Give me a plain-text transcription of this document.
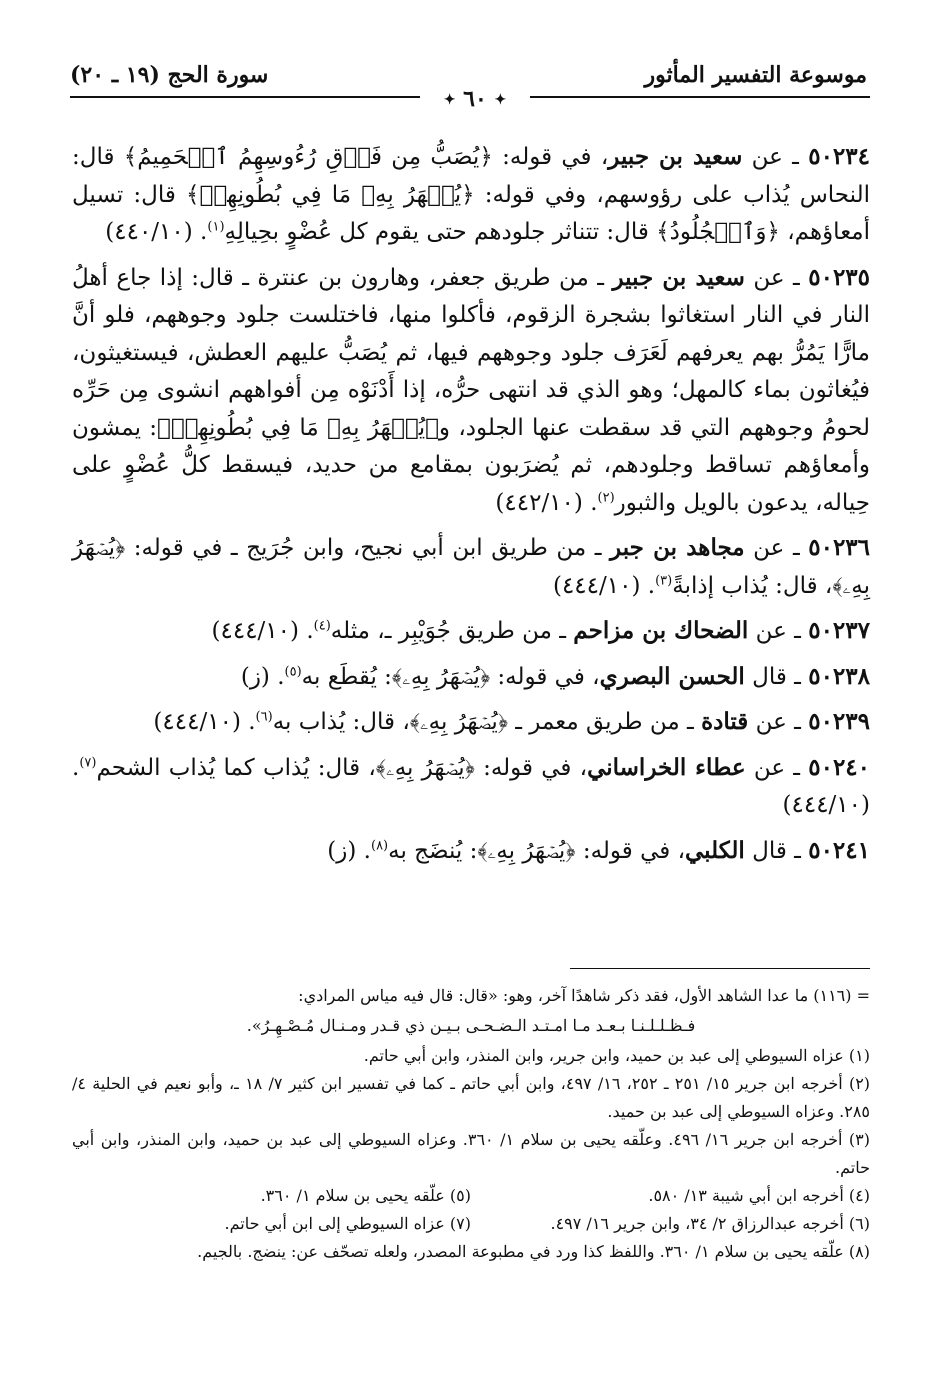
موسوعة التفسير المأثور
سورة الحج (١٩ ـ ٢٠)
✦ ٦٠ ✦

٥٠٢٣٤ ـ عن سعيد بن جبير، في قوله: ﴿يُصَبُّ مِن فَوۡقِ رُءُوسِهِمُ ٱلۡحَمِيمُ﴾ قال: النحاس يُذاب على رؤوسهم، وفي قوله: ﴿يُصۡهَرُ بِهِۦ مَا فِي بُطُونِهِمۡ﴾ قال: تسيل أمعاؤهم، ﴿وَٱلۡجُلُودُ﴾ قال: تتناثر جلودهم حتى يقوم كل عُضْوٍ بحِيالِهِ$^{(١)}$. (٤٤٠/١٠)

٥٠٢٣٥ ـ عن سعيد بن جبير ـ من طريق جعفر، وهارون بن عنترة ـ قال: إذا جاع أهلُ النار في النار استغاثوا بشجرة الزقوم، فأكلوا منها، فاختلست جلود وجوههم، فلو أنَّ مارًّا يَمُرُّ بهم يعرفهم لَعَرَف جلود وجوههم فيها، ثم يُصَبُّ عليهم العطش، فيستغيثون، فيُغاثون بماء كالمهل؛ وهو الذي قد انتهى حرُّه، إذا أَدْنَوْه مِن أفواههم انشوى مِن حَرِّه لحومُ وجوههم التي قد سقطت عنها الجلود، و﴿يُصۡهَرُ بِهِۦ مَا فِي بُطُونِهِمۡ﴾: يمشون وأمعاؤهم تساقط وجلودهم، ثم يُضرَبون بمقامع من حديد، فيسقط كلُّ عُضْوٍ على حِياله، يدعون بالويل والثبور$^{(٢)}$. (٤٤٢/١٠)

٥٠٢٣٦ ـ عن مجاهد بن جبر ـ من طريق ابن أبي نجيح، وابن جُرَيج ـ في قوله: ﴿يُصۡهَرُ بِهِۦ﴾، قال: يُذاب إذابةً$^{(٣)}$. (٤٤٤/١٠)

٥٠٢٣٧ ـ عن الضحاك بن مزاحم ـ من طريق جُوَيْبِر ـ، مثله$^{(٤)}$. (٤٤٤/١٠)

٥٠٢٣٨ ـ قال الحسن البصري، في قوله: ﴿يُصۡهَرُ بِهِۦ﴾: يُقطَع به$^{(٥)}$. (ز)

٥٠٢٣٩ ـ عن قتادة ـ من طريق معمر ـ ﴿يُصۡهَرُ بِهِۦ﴾، قال: يُذاب به$^{(٦)}$. (٤٤٤/١٠)

٥٠٢٤٠ ـ عن عطاء الخراساني، في قوله: ﴿يُصۡهَرُ بِهِۦ﴾، قال: يُذاب كما يُذاب الشحم$^{(٧)}$. (٤٤٤/١٠)

٥٠٢٤١ ـ قال الكلبي، في قوله: ﴿يُصۡهَرُ بِهِۦ﴾: يُنضَج به$^{(٨)}$. (ز)

= (١١٦) ما عدا الشاهد الأول، فقد ذكر شاهدًا آخر، وهو: «قال: قال فيه مياس المرادي:

فـظـلـلـنـا بـعـد مـا امـتـد الـضـحـى بـيـن ذي قـدر ومـنـال مُـصْـهِـرُ».

(١) عزاه السيوطي إلى عبد بن حميد، وابن جرير، وابن المنذر، وابن أبي حاتم.

(٢) أخرجه ابن جرير ١٥/ ٢٥١ ـ ٢٥٢، ١٦/ ٤٩٧، وابن أبي حاتم ـ كما في تفسير ابن كثير ٧/ ١٨ ـ، وأبو نعيم في الحلية ٤/ ٢٨٥. وعزاه السيوطي إلى عبد بن حميد.

(٣) أخرجه ابن جرير ١٦/ ٤٩٦. وعلّقه يحيى بن سلام ١/ ٣٦٠. وعزاه السيوطي إلى عبد بن حميد، وابن المنذر، وابن أبي حاتم.

(٤) أخرجه ابن أبي شيبة ١٣/ ٥٨٠.
(٥) علّقه يحيى بن سلام ١/ ٣٦٠.
(٦) أخرجه عبدالرزاق ٢/ ٣٤، وابن جرير ١٦/ ٤٩٧.
(٧) عزاه السيوطي إلى ابن أبي حاتم.

(٨) علّقه يحيى بن سلام ١/ ٣٦٠. واللفظ كذا ورد في مطبوعة المصدر، ولعله تصحّف عن: ينضج. بالجيم.
